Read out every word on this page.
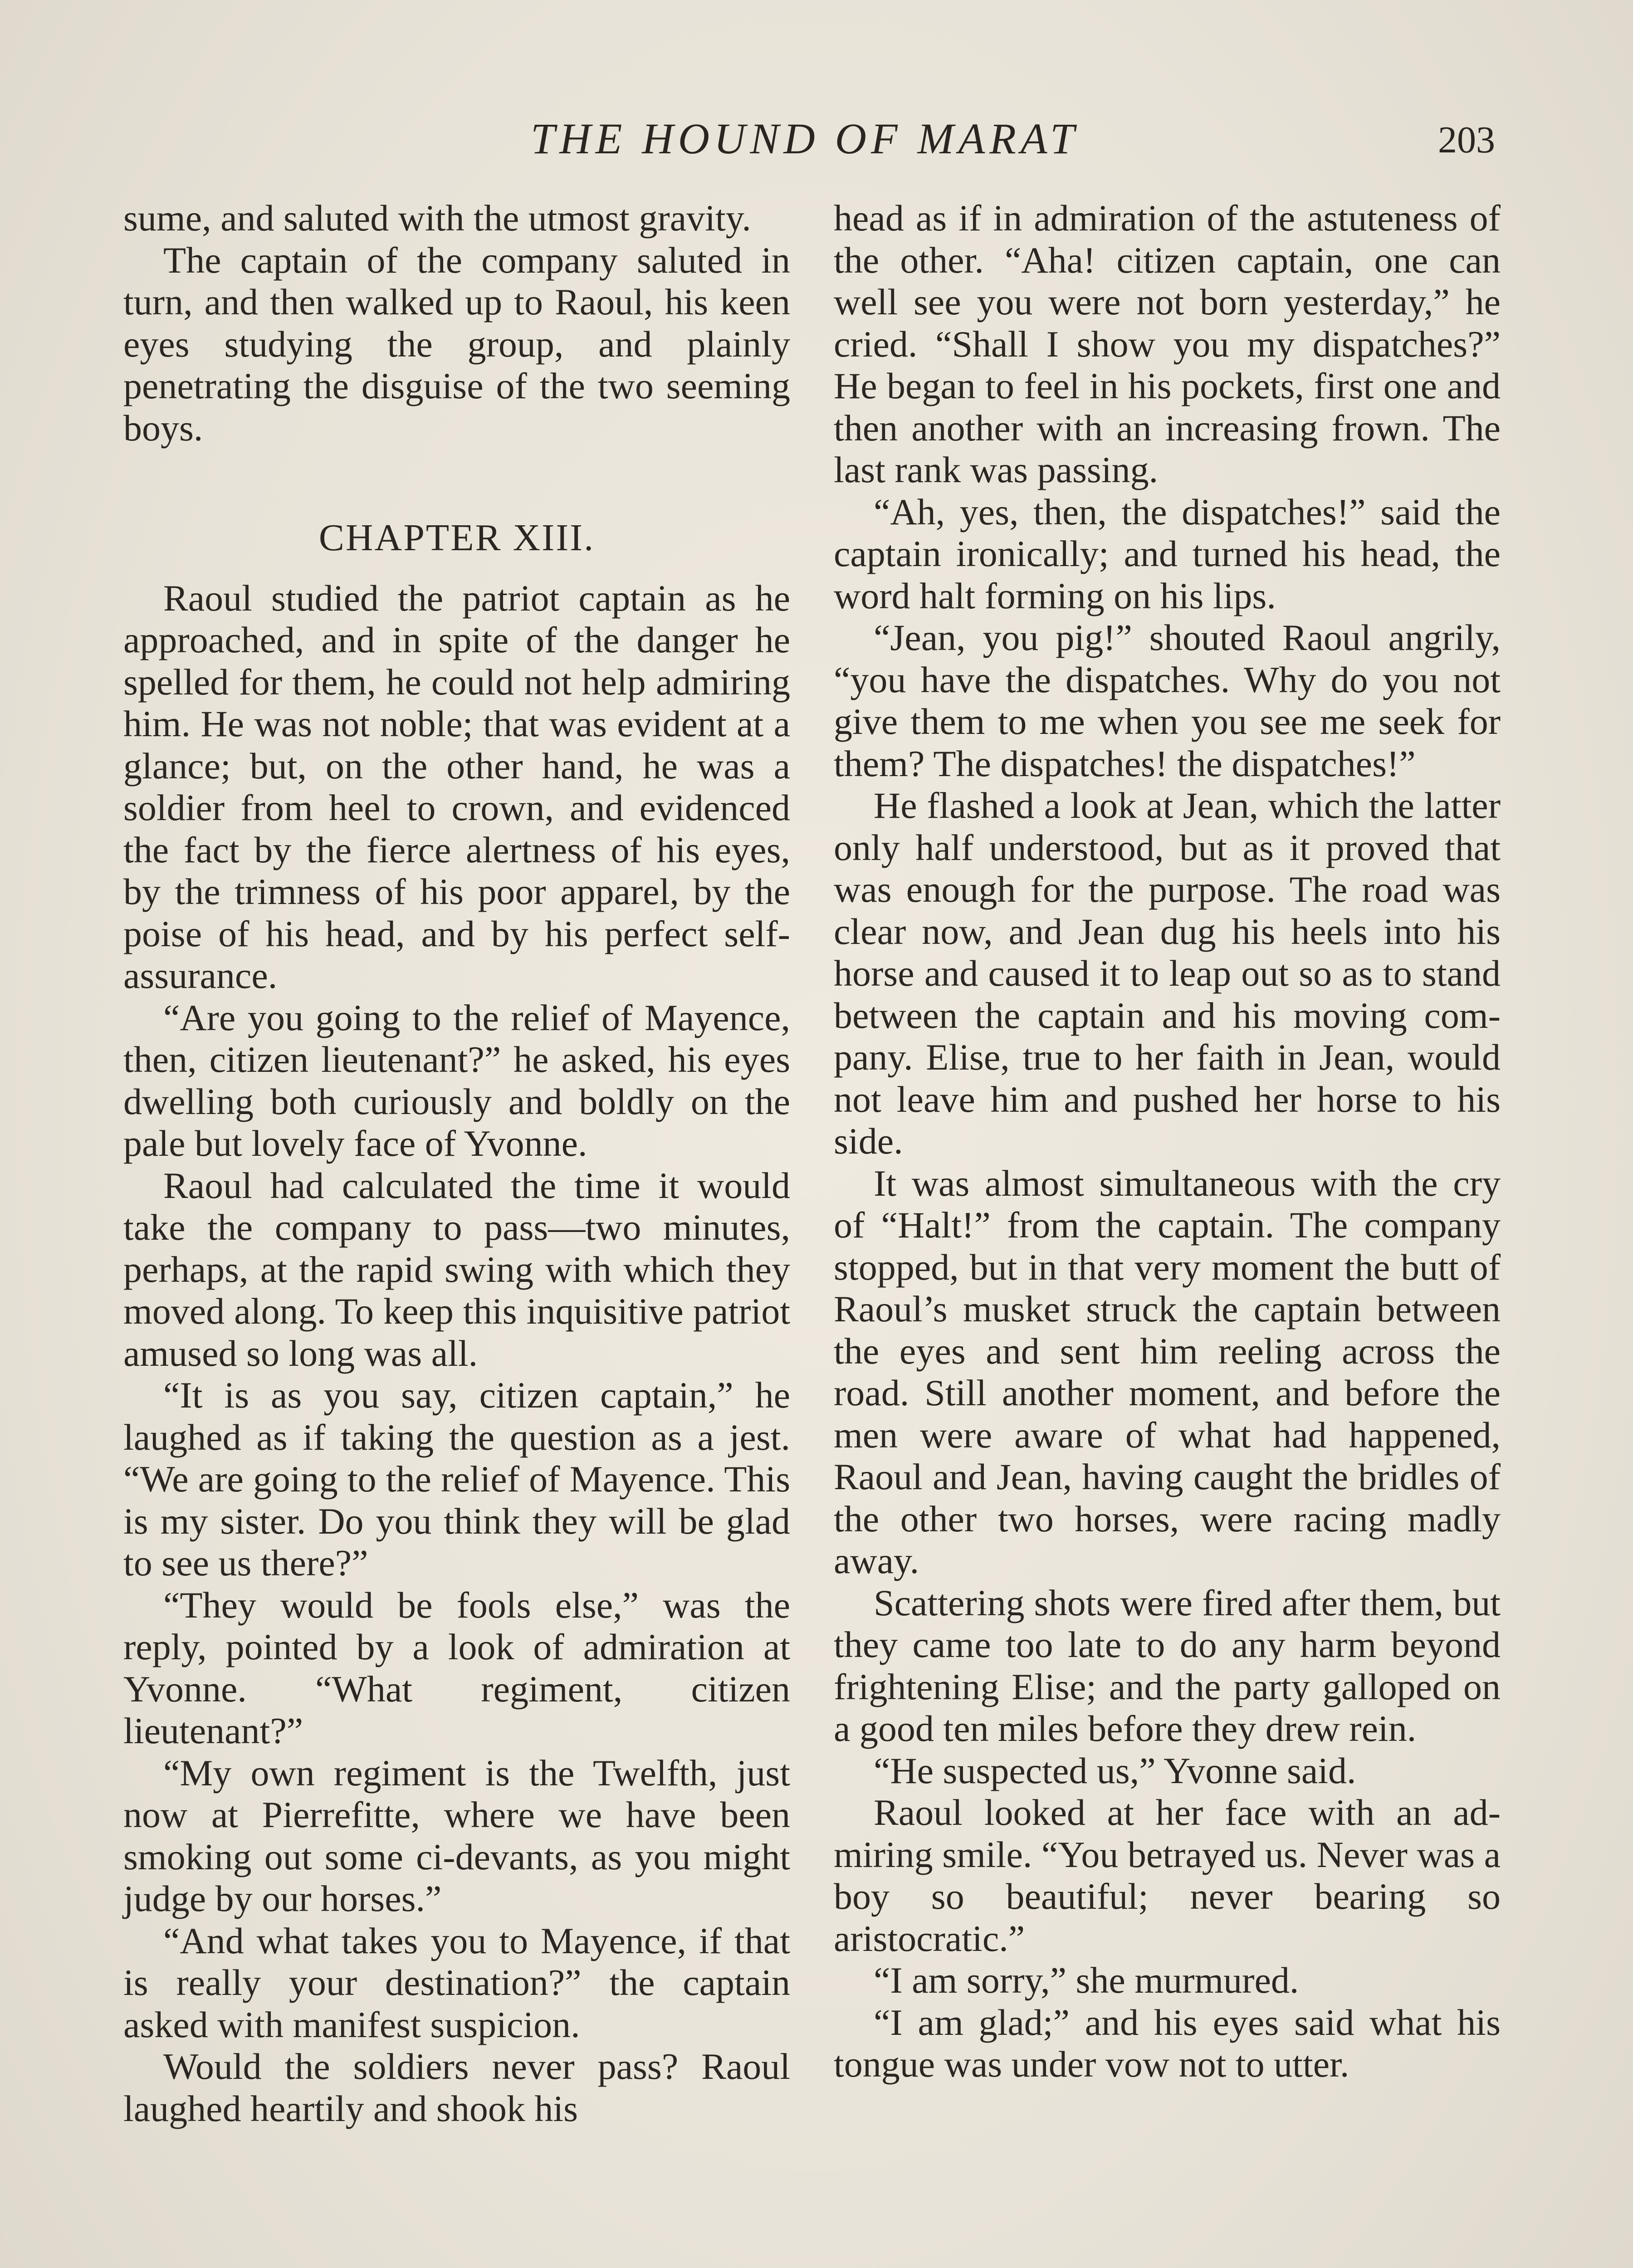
THE HOUND OF MARAT	203

sume, and saluted with the utmost gravity.

The captain of the company saluted in turn, and then walked up to Raoul, his keen eyes studying the group, and plainly penetrating the disguise of the two seeming boys.

CHAPTER XIII.

Raoul studied the patriot captain as he approached, and in spite of the danger he spelled for them, he could not help admiring him. He was not noble; that was evident at a glance; but, on the other hand, he was a soldier from heel to crown, and evidenced the fact by the fierce alertness of his eyes, by the trimness of his poor apparel, by the poise of his head, and by his perfect self-assurance.

“Are you going to the relief of Mayence, then, citizen lieutenant?” he asked, his eyes dwelling both curiously and boldly on the pale but lovely face of Yvonne.

Raoul had calculated the time it would take the company to pass—two minutes, perhaps, at the rapid swing with which they moved along. To keep this inquisitive patriot amused so long was all.

“It is as you say, citizen captain,” he laughed as if taking the question as a jest. “We are going to the relief of Mayence. This is my sister. Do you think they will be glad to see us there?”

“They would be fools else,” was the reply, pointed by a look of admiration at Yvonne. “What regiment, citizen lieutenant?”

“My own regiment is the Twelfth, just now at Pierrefitte, where we have been smoking out some ci-devants, as you might judge by our horses.”

“And what takes you to Mayence, if that is really your destination?” the captain asked with manifest suspicion.

Would the soldiers never pass? Raoul laughed heartily and shook his

head as if in admiration of the astuteness of the other. “Aha! citizen captain, one can well see you were not born yesterday,” he cried. “Shall I show you my dispatches?” He began to feel in his pockets, first one and then another with an increasing frown. The last rank was passing.

“Ah, yes, then, the dispatches!” said the captain ironically; and turned his head, the word halt forming on his lips.

“Jean, you pig!” shouted Raoul angrily, “you have the dispatches. Why do you not give them to me when you see me seek for them? The dispatches! the dispatches!”

He flashed a look at Jean, which the latter only half understood, but as it proved that was enough for the purpose. The road was clear now, and Jean dug his heels into his horse and caused it to leap out so as to stand between the captain and his moving company. Elise, true to her faith in Jean, would not leave him and pushed her horse to his side.

It was almost simultaneous with the cry of “Halt!” from the captain. The company stopped, but in that very moment the butt of Raoul’s musket struck the captain between the eyes and sent him reeling across the road. Still another moment, and before the men were aware of what had happened, Raoul and Jean, having caught the bridles of the other two horses, were racing madly away.

Scattering shots were fired after them, but they came too late to do any harm beyond frightening Elise; and the party galloped on a good ten miles before they drew rein.

“He suspected us,” Yvonne said.

Raoul looked at her face with an admiring smile. “You betrayed us. Never was a boy so beautiful; never bearing so aristocratic.”

“I am sorry,” she murmured.

“I am glad;” and his eyes said what his tongue was under vow not to utter.
